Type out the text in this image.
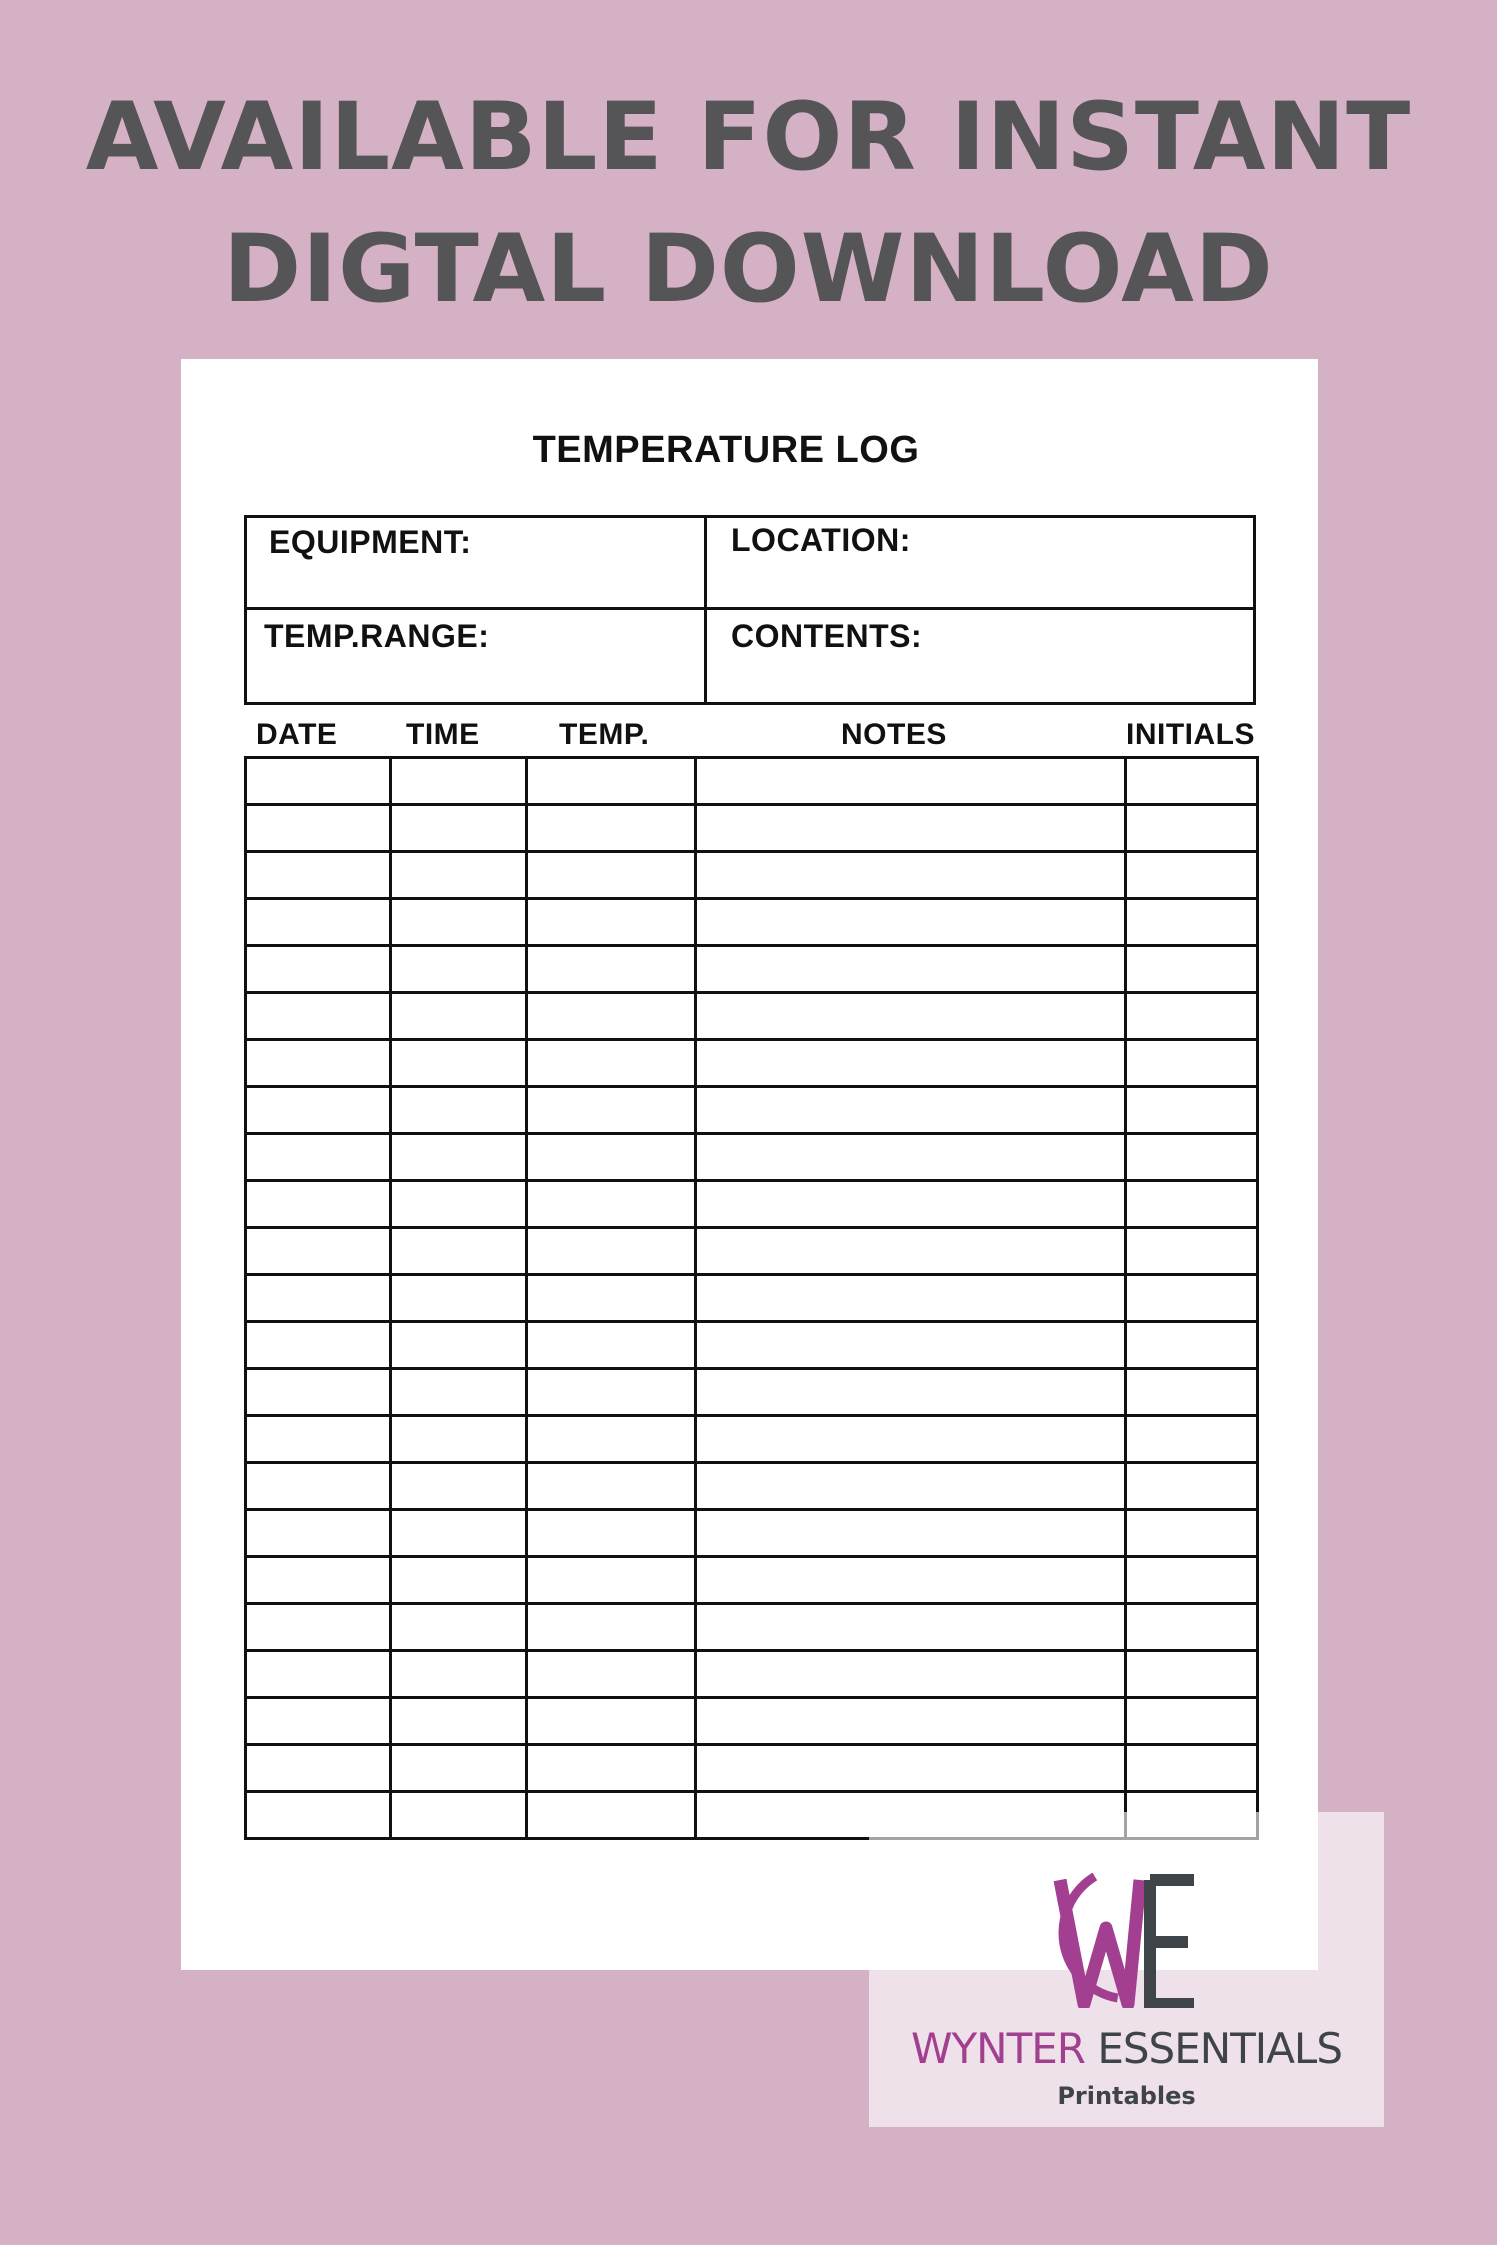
AVAILABLE FOR INSTANT
DIGTAL DOWNLOAD
TEMPERATURE LOG
EQUIPMENT:	LOCATION:
TEMP.RANGE:	CONTENTS:
DATE TIME	TEMP.	NOTES	INITIALS

WYNTER ESSENTIALS
Printables
